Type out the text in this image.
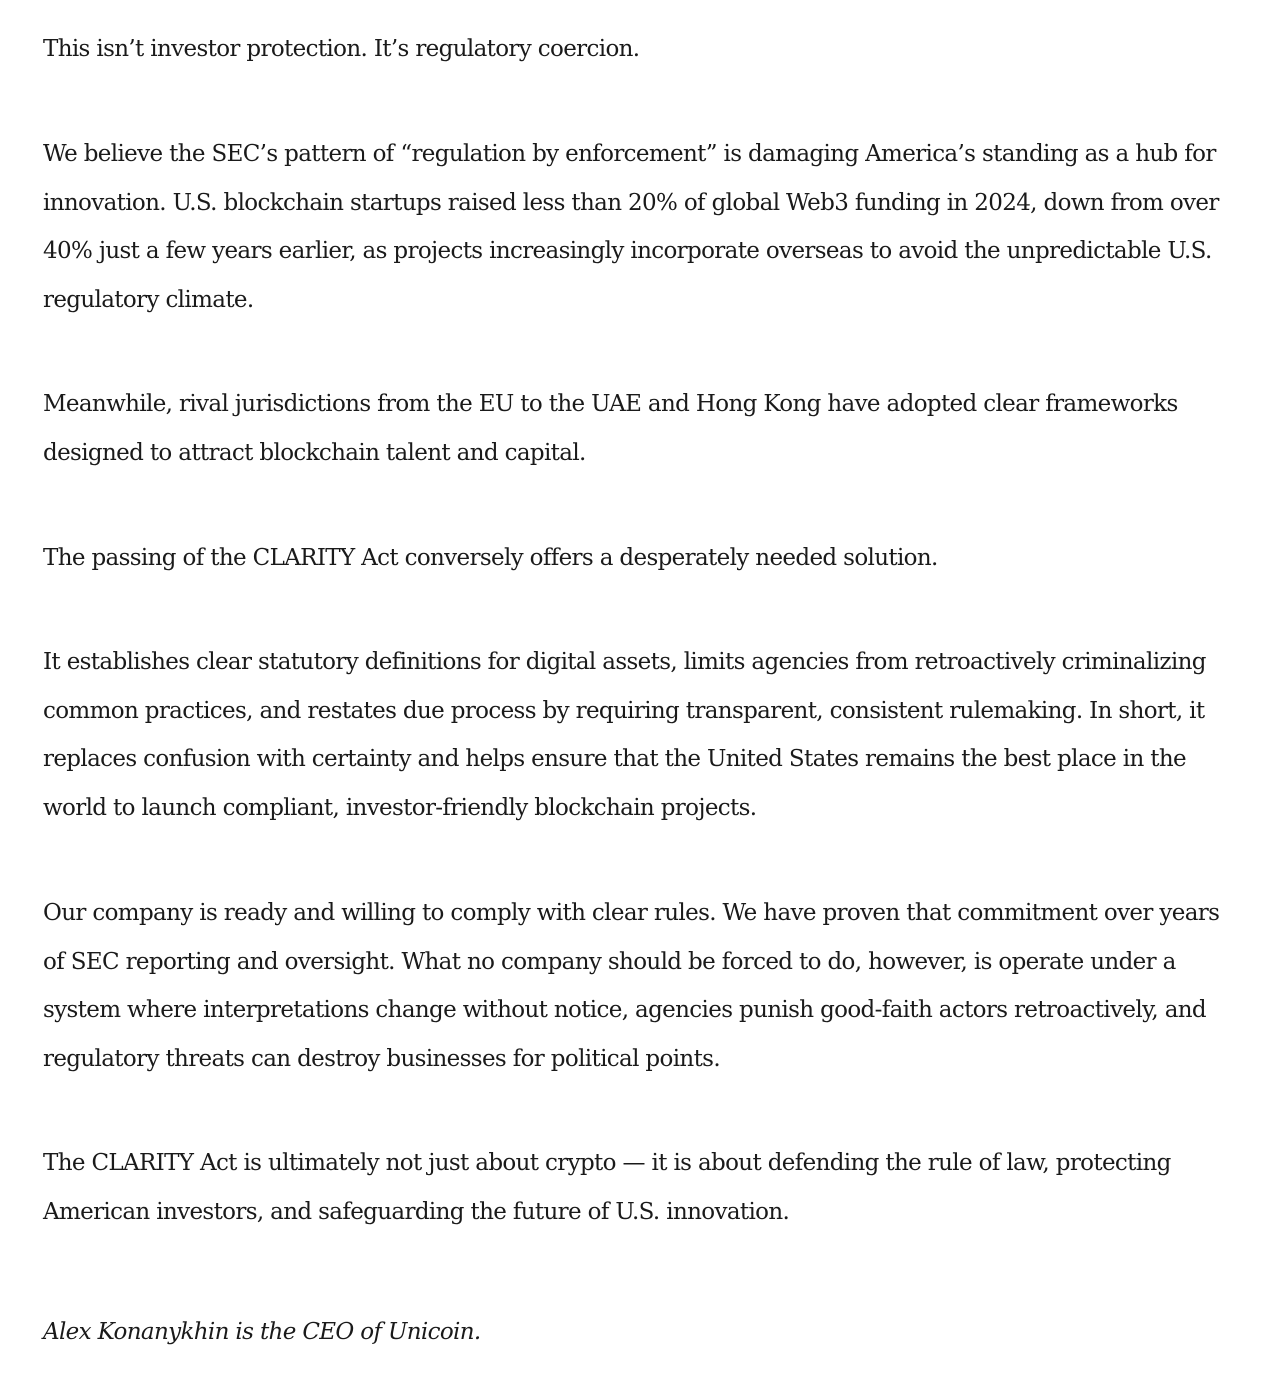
This isn’t investor protection. It’s regulatory coercion.

We believe the SEC’s pattern of “regulation by enforcement” is damaging America’s standing as a hub for innovation. U.S. blockchain startups raised less than 20% of global Web3 funding in 2024, down from over 40% just a few years earlier, as projects increasingly incorporate overseas to avoid the unpredictable U.S. regulatory climate.

Meanwhile, rival jurisdictions from the EU to the UAE and Hong Kong have adopted clear frameworks designed to attract blockchain talent and capital.

The passing of the CLARITY Act conversely offers a desperately needed solution.

It establishes clear statutory definitions for digital assets, limits agencies from retroactively criminalizing common practices, and restates due process by requiring transparent, consistent rulemaking. In short, it replaces confusion with certainty and helps ensure that the United States remains the best place in the world to launch compliant, investor-friendly blockchain projects.

Our company is ready and willing to comply with clear rules. We have proven that commitment over years of SEC reporting and oversight. What no company should be forced to do, however, is operate under a system where interpretations change without notice, agencies punish good-faith actors retroactively, and regulatory threats can destroy businesses for political points.

The CLARITY Act is ultimately not just about crypto — it is about defending the rule of law, protecting American investors, and safeguarding the future of U.S. innovation.

Alex Konanykhin is the CEO of Unicoin.
